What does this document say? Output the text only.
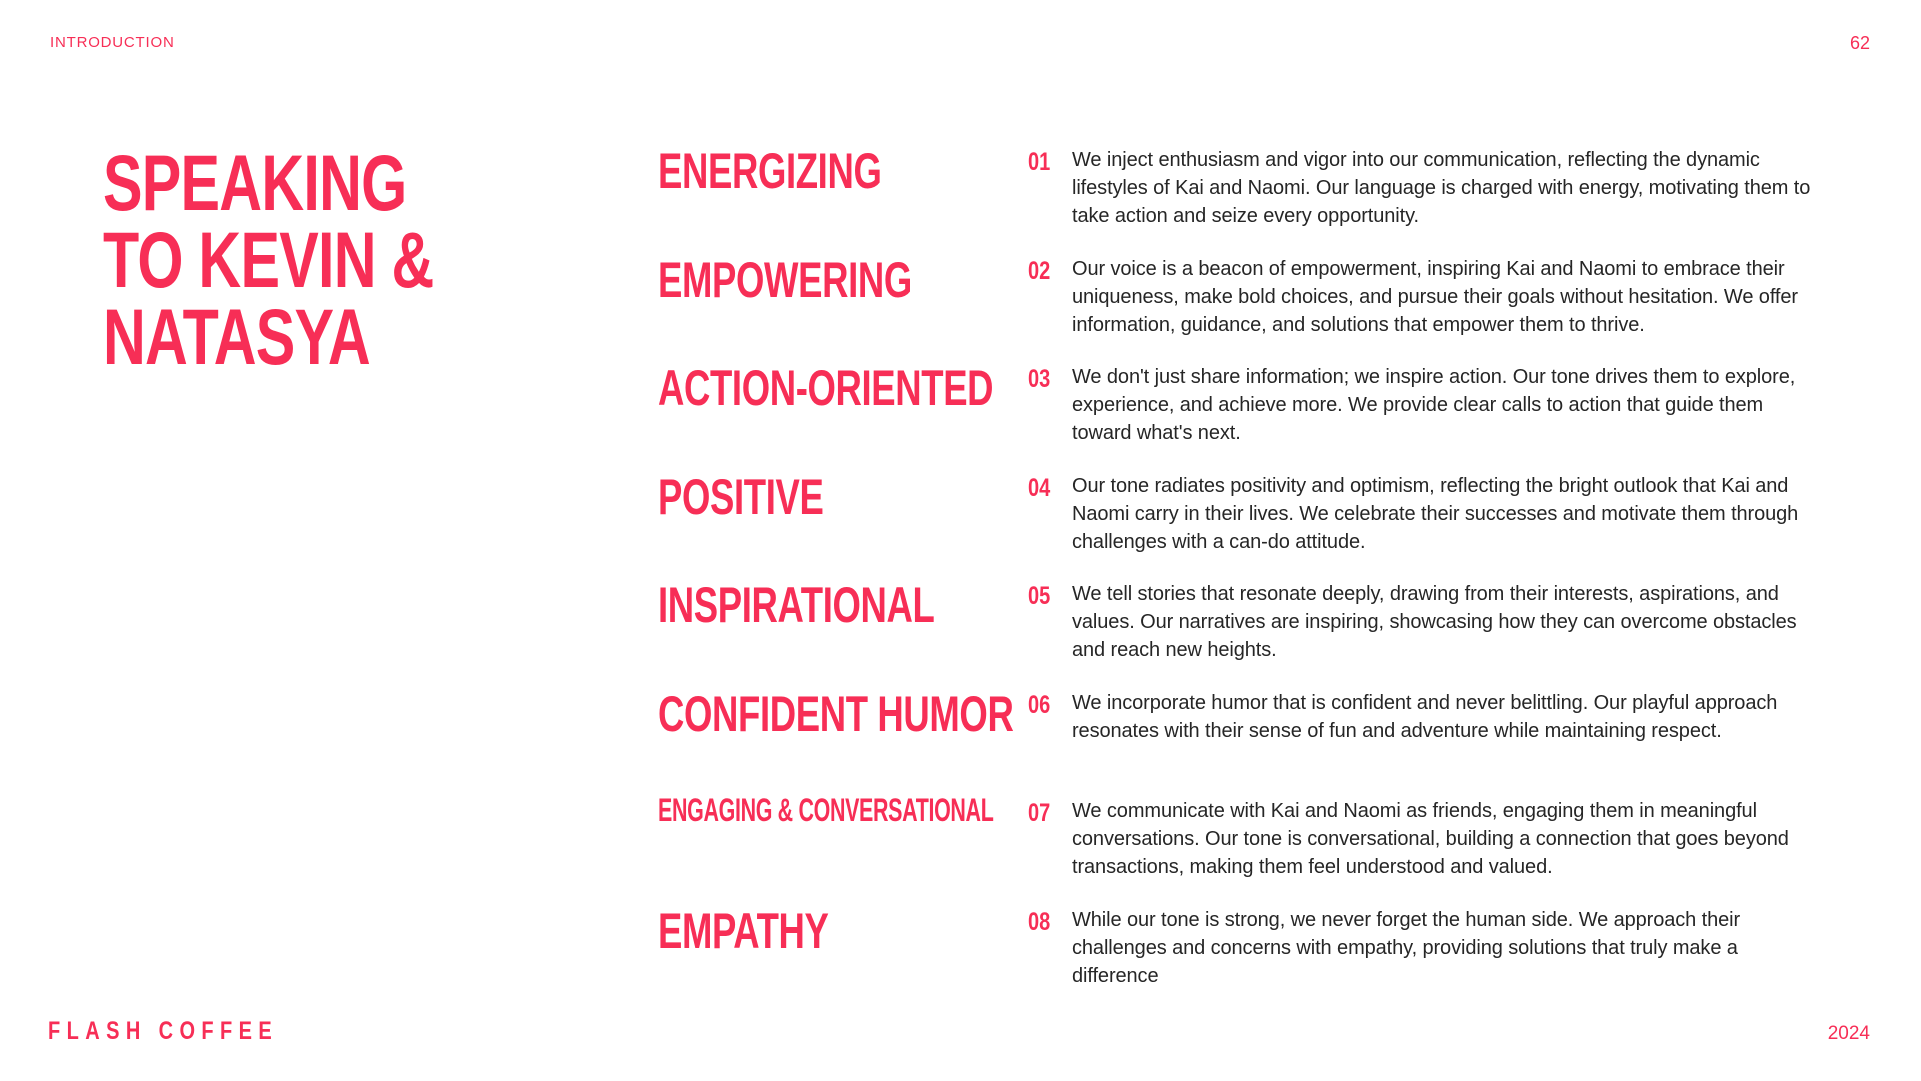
INTRODUCTION	62
SPEAKING
TO KEVIN &
NATASYA
ENERGIZING	01	We inject enthusiasm and vigor into our communication, reflecting the dynamic lifestyles of Kai and Naomi. Our language is charged with energy, motivating them to take action and seize every opportunity.
EMPOWERING	02	Our voice is a beacon of empowerment, inspiring Kai and Naomi to embrace their uniqueness, make bold choices, and pursue their goals without hesitation. We offer information, guidance, and solutions that empower them to thrive.
ACTION-ORIENTED 03	We don't just share information; we inspire action. Our tone drives them to explore, experience, and achieve more. We provide clear calls to action that guide them toward what's next.
POSITIVE	04	Our tone radiates positivity and optimism, reflecting the bright outlook that Kai and Naomi carry in their lives. We celebrate their successes and motivate them through challenges with a can-do attitude.
INSPIRATIONAL	05	We tell stories that resonate deeply, drawing from their interests, aspirations, and values. Our narratives are inspiring, showcasing how they can overcome obstacles and reach new heights.
CONFIDENT HUMOR 06	We incorporate humor that is confident and never belittling. Our playful approach resonates with their sense of fun and adventure while maintaining respect.
ENGAGING & CONVERSATIONAL 07	We communicate with Kai and Naomi as friends, engaging them in meaningful conversations. Our tone is conversational, building a connection that goes beyond transactions, making them feel understood and valued.
EMPATHY	08	While our tone is strong, we never forget the human side. We approach their challenges and concerns with empathy, providing solutions that truly make a difference
FLASH COFFEE	2024
